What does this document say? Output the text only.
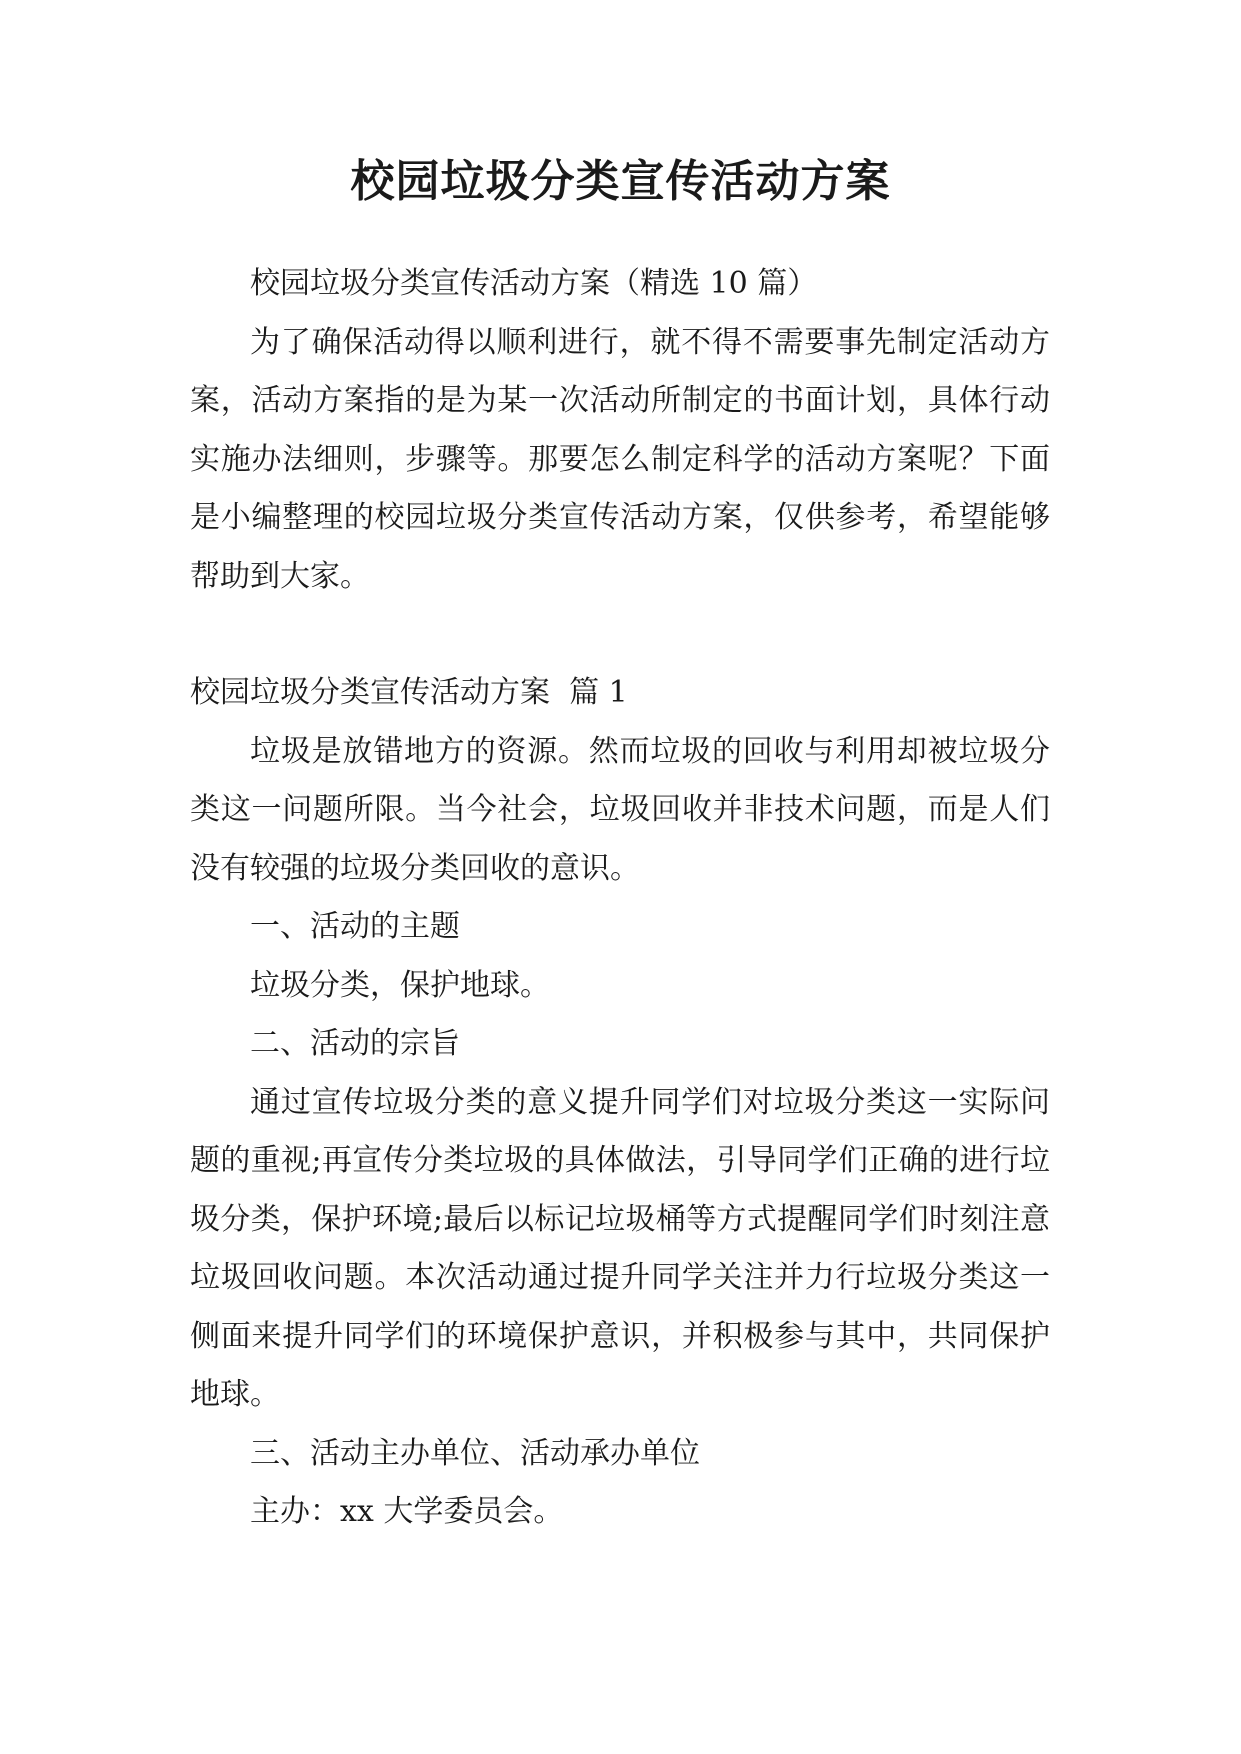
校园垃圾分类宣传活动方案

校园垃圾分类宣传活动方案（精选 10 篇）

为了确保活动得以顺利进行，就不得不需要事先制定活动方案，活动方案指的是为某一次活动所制定的书面计划，具体行动实施办法细则，步骤等。那要怎么制定科学的活动方案呢？下面是小编整理的校园垃圾分类宣传活动方案，仅供参考，希望能够帮助到大家。

校园垃圾分类宣传活动方案  篇 1

垃圾是放错地方的资源。然而垃圾的回收与利用却被垃圾分类这一问题所限。当今社会，垃圾回收并非技术问题，而是人们没有较强的垃圾分类回收的意识。

一、活动的主题

垃圾分类，保护地球。

二、活动的宗旨

通过宣传垃圾分类的意义提升同学们对垃圾分类这一实际问题的重视;再宣传分类垃圾的具体做法，引导同学们正确的进行垃圾分类，保护环境;最后以标记垃圾桶等方式提醒同学们时刻注意垃圾回收问题。本次活动通过提升同学关注并力行垃圾分类这一侧面来提升同学们的环境保护意识，并积极参与其中，共同保护地球。

三、活动主办单位、活动承办单位

主办：xx 大学委员会。
